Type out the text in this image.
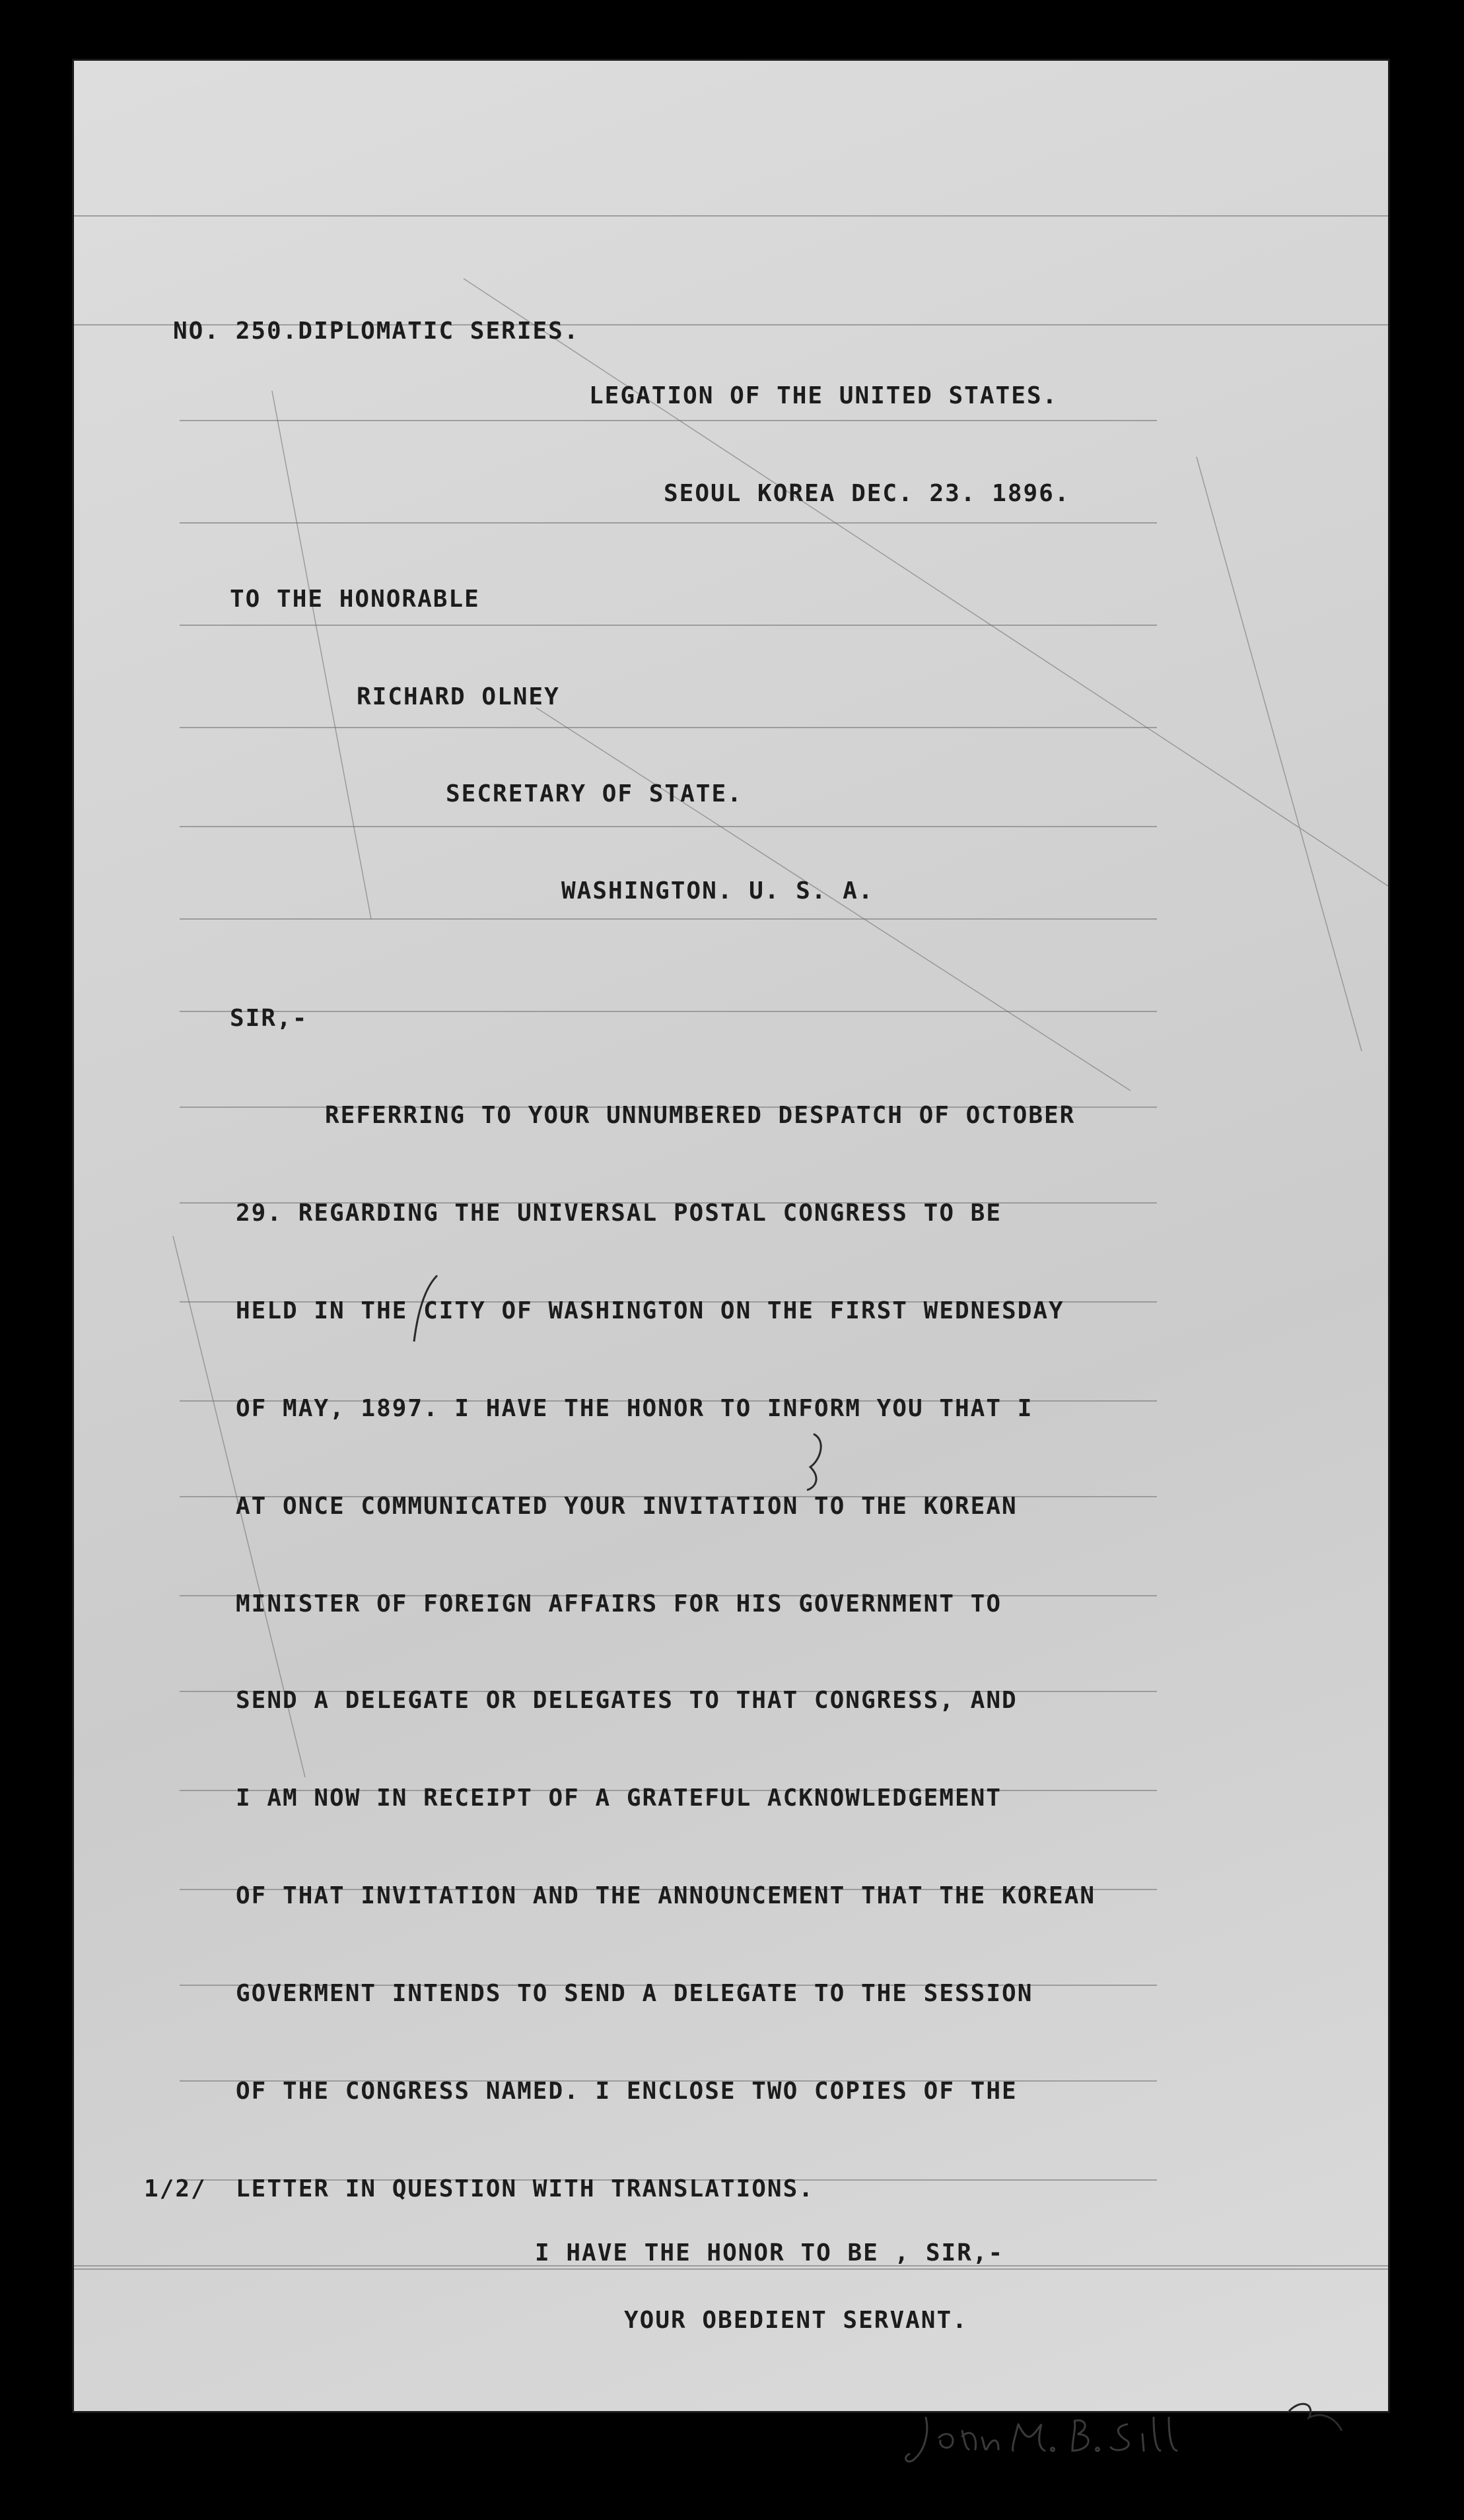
NO. 250.DIPLOMATIC SERIES.

LEGATION OF THE UNITED STATES.

SEOUL KOREA DEC. 23. 1896.

TO THE HONORABLE

RICHARD OLNEY

SECRETARY OF STATE.

WASHINGTON. U. S. A.

SIR,-

REFERRING TO YOUR UNNUMBERED DESPATCH OF OCTOBER

29. REGARDING THE UNIVERSAL POSTAL CONGRESS TO BE

HELD IN THE CITY OF WASHINGTON ON THE FIRST WEDNESDAY

OF MAY, 1897. I HAVE THE HONOR TO INFORM YOU THAT I

AT ONCE COMMUNICATED YOUR INVITATION TO THE KOREAN

MINISTER OF FOREIGN AFFAIRS FOR HIS GOVERNMENT TO

SEND A DELEGATE OR DELEGATES TO THAT CONGRESS, AND

I AM NOW IN RECEIPT OF A GRATEFUL ACKNOWLEDGEMENT

OF THAT INVITATION AND THE ANNOUNCEMENT THAT THE KOREAN

GOVERMENT INTENDS TO SEND A DELEGATE TO THE SESSION

OF THE CONGRESS NAMED. I ENCLOSE TWO COPIES OF THE

LETTER IN QUESTION WITH TRANSLATIONS.

1/2/

I HAVE THE HONOR TO BE , SIR,-

YOUR OBEDIENT SERVANT.
